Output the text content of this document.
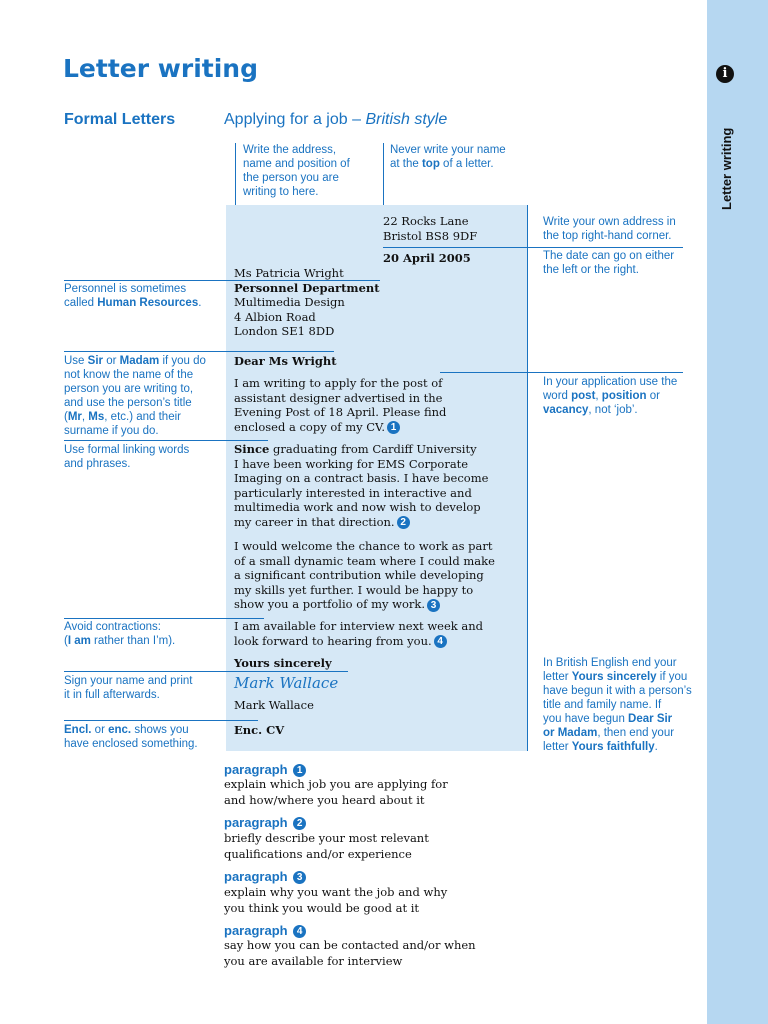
i
Letter writing
Letter writing
Formal Letters	Applying for a job – British style
Write the address,
name and position of
the person you are
writing to here.
Never write your name
at the top of a letter.
22 Rocks Lane
Bristol BS8 9DF
20 April 2005
Ms Patricia Wright
Personnel Department
Multimedia Design
4 Albion Road
London SE1 8DD
Dear Ms Wright
I am writing to apply for the post of
assistant designer advertised in the
Evening Post of 18 April. Please find
enclosed a copy of my CV. 1
Since graduating from Cardiff University
I have been working for EMS Corporate
Imaging on a contract basis. I have become
particularly interested in interactive and
multimedia work and now wish to develop
my career in that direction. 2
I would welcome the chance to work as part
of a small dynamic team where I could make
a significant contribution while developing
my skills yet further. I would be happy to
show you a portfolio of my work. 3
I am available for interview next week and
look forward to hearing from you. 4
Yours sincerely
Mark Wallace
Mark Wallace
Enc. CV
Personnel is sometimes
called Human Resources.
Use Sir or Madam if you do
not know the name of the
person you are writing to,
and use the person’s title
(Mr, Ms, etc.) and their
surname if you do.
Use formal linking words
and phrases.
Avoid contractions:
(I am rather than I’m).
Sign your name and print
it in full afterwards.
Encl. or enc. shows you
have enclosed something.
Write your own address in
the top right-hand corner.
The date can go on either
the left or the right.
In your application use the
word post, position or
vacancy, not ‘job’.
In British English end your
letter Yours sincerely if you
have begun it with a person’s
title and family name. If
you have begun Dear Sir
or Madam, then end your
letter Yours faithfully.
paragraph 1
explain which job you are applying for
and how/where you heard about it
paragraph 2
briefly describe your most relevant
qualifications and/or experience
paragraph 3
explain why you want the job and why
you think you would be good at it
paragraph 4
say how you can be contacted and/or when
you are available for interview
